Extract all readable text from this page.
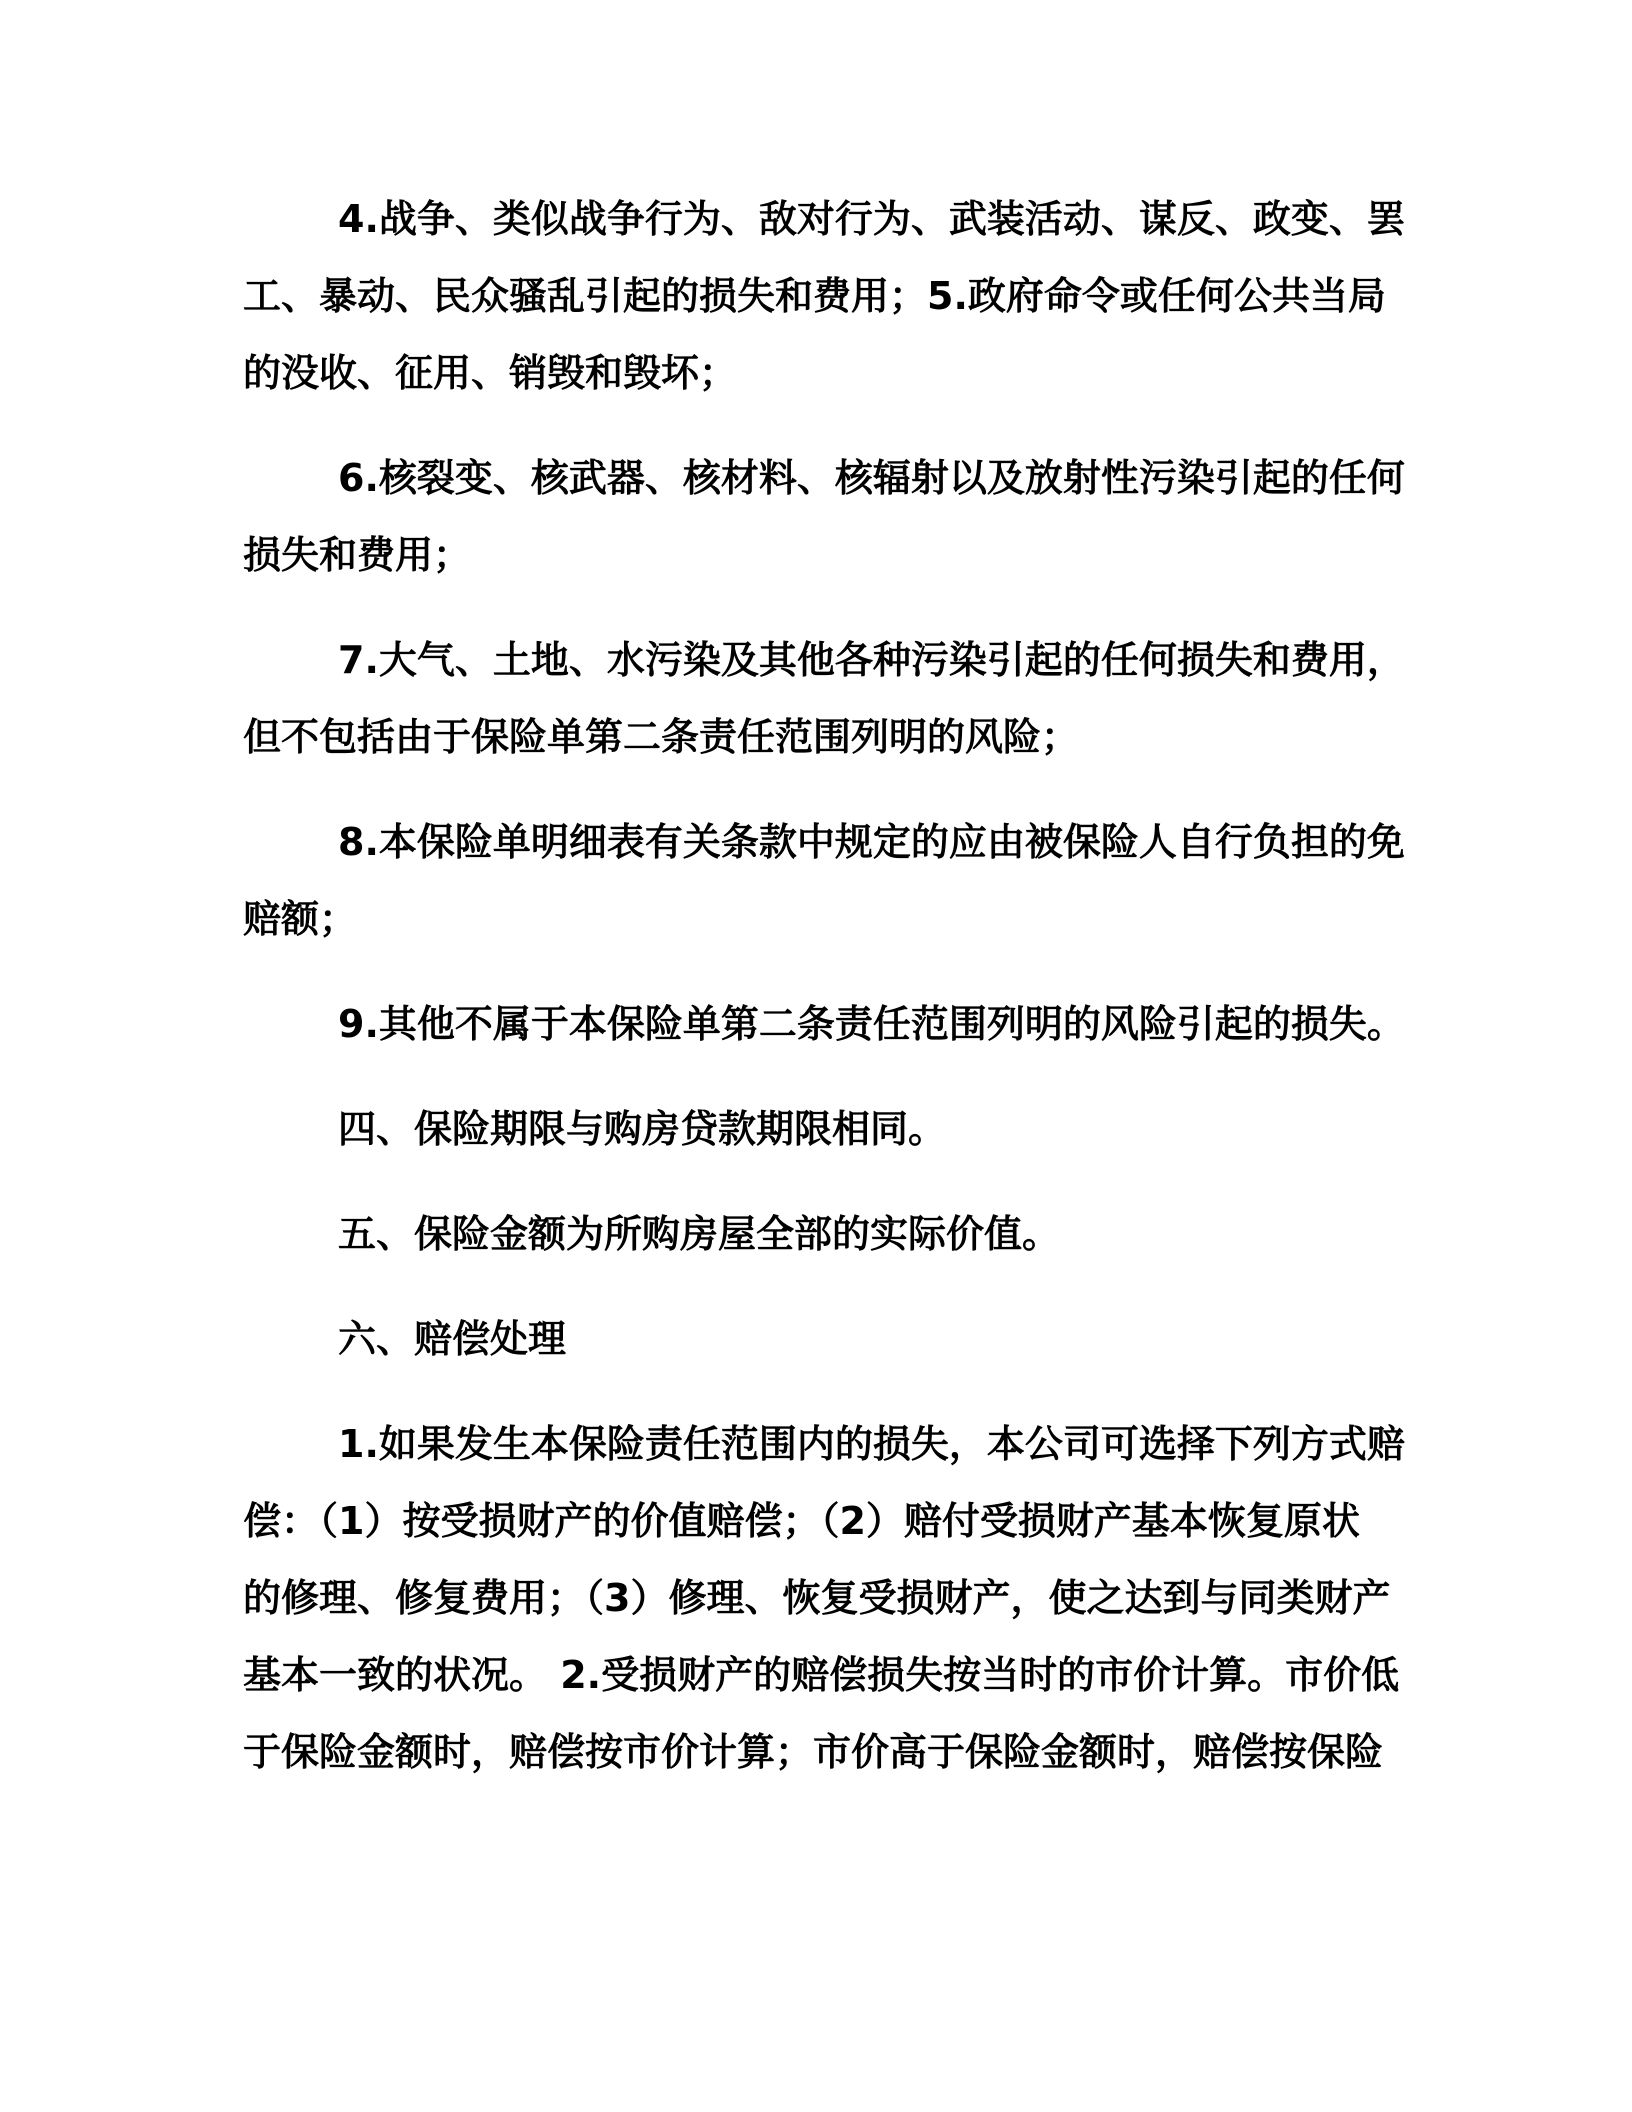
4.战争、类似战争行为、敌对行为、武装活动、谋反、政变、罢
工、暴动、民众骚乱引起的损失和费用；5.政府命令或任何公共当局
的没收、征用、销毁和毁坏；

6.核裂变、核武器、核材料、核辐射以及放射性污染引起的任何
损失和费用；

7.大气、土地、水污染及其他各种污染引起的任何损失和费用，
但不包括由于保险单第二条责任范围列明的风险；

8.本保险单明细表有关条款中规定的应由被保险人自行负担的免
赔额；

9.其他不属于本保险单第二条责任范围列明的风险引起的损失。

四、保险期限与购房贷款期限相同。

五、保险金额为所购房屋全部的实际价值。

六、赔偿处理

1.如果发生本保险责任范围内的损失，本公司可选择下列方式赔
偿：（1）按受损财产的价值赔偿；（2）赔付受损财产基本恢复原状
的修理、修复费用；（3）修理、恢复受损财产，使之达到与同类财产
基本一致的状况。 2.受损财产的赔偿损失按当时的市价计算。市价低
于保险金额时，赔偿按市价计算；市价高于保险金额时，赔偿按保险
